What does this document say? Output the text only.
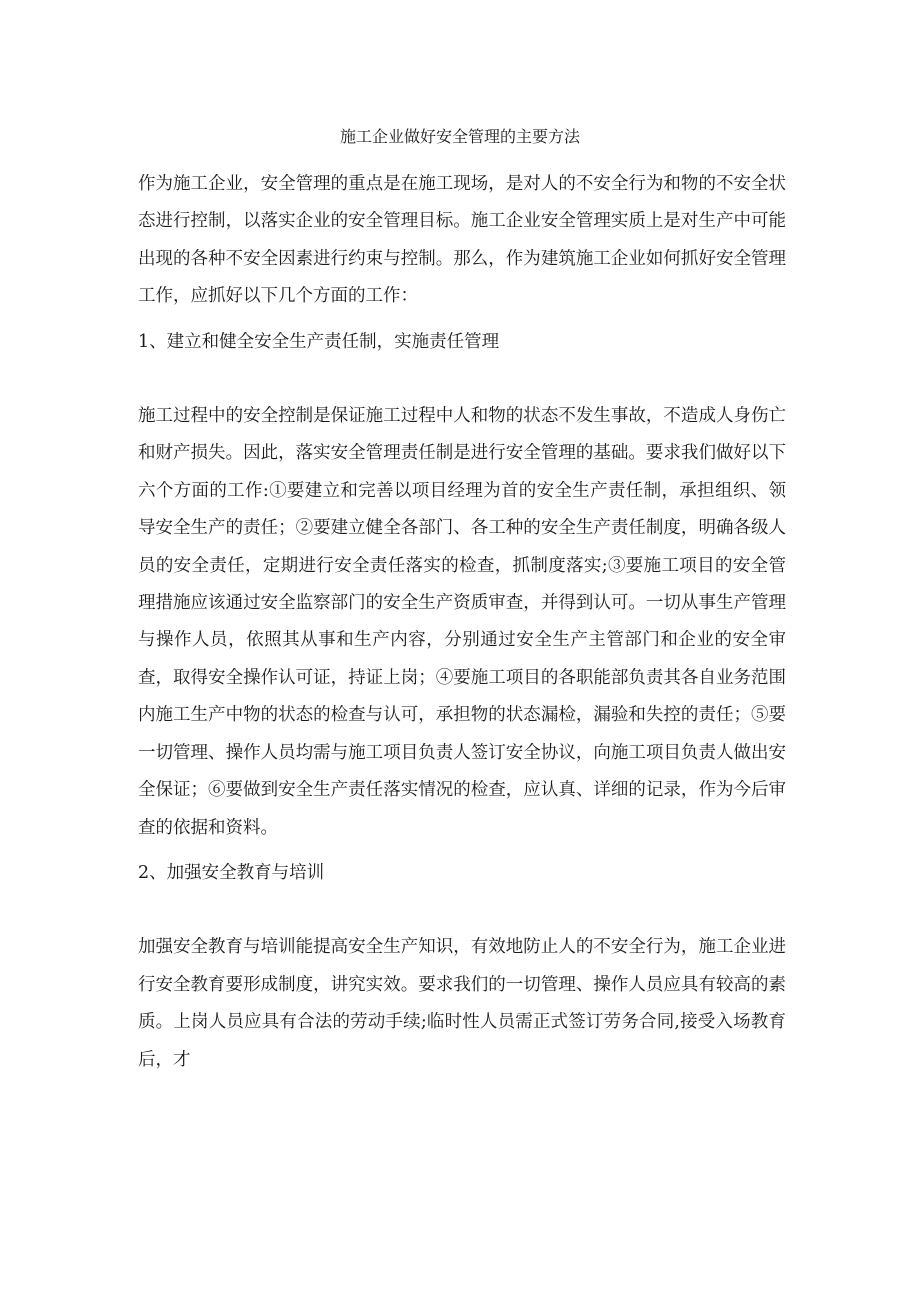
施工企业做好安全管理的主要方法

作为施工企业，安全管理的重点是在施工现场，是对人的不安全行为和物的不安全状态进行控制，以落实企业的安全管理目标。施工企业安全管理实质上是对生产中可能出现的各种不安全因素进行约束与控制。那么，作为建筑施工企业如何抓好安全管理工作，应抓好以下几个方面的工作：

1、建立和健全安全生产责任制，实施责任管理

施工过程中的安全控制是保证施工过程中人和物的状态不发生事故，不造成人身伤亡和财产损失。因此，落实安全管理责任制是进行安全管理的基础。要求我们做好以下六个方面的工作:①要建立和完善以项目经理为首的安全生产责任制，承担组织、领导安全生产的责任；②要建立健全各部门、各工种的安全生产责任制度，明确各级人员的安全责任，定期进行安全责任落实的检查，抓制度落实;③要施工项目的安全管理措施应该通过安全监察部门的安全生产资质审查，并得到认可。一切从事生产管理与操作人员，依照其从事和生产内容，分别通过安全生产主管部门和企业的安全审查，取得安全操作认可证，持证上岗；④要施工项目的各职能部负责其各自业务范围内施工生产中物的状态的检查与认可，承担物的状态漏检，漏验和失控的责任；⑤要一切管理、操作人员均需与施工项目负责人签订安全协议，向施工项目负责人做出安全保证；⑥要做到安全生产责任落实情况的检查，应认真、详细的记录，作为今后审查的依据和资料。

2、加强安全教育与培训

加强安全教育与培训能提高安全生产知识，有效地防止人的不安全行为，施工企业进行安全教育要形成制度，讲究实效。要求我们的一切管理、操作人员应具有较高的素质。上岗人员应具有合法的劳动手续;临时性人员需正式签订劳务合同,接受入场教育后，才
